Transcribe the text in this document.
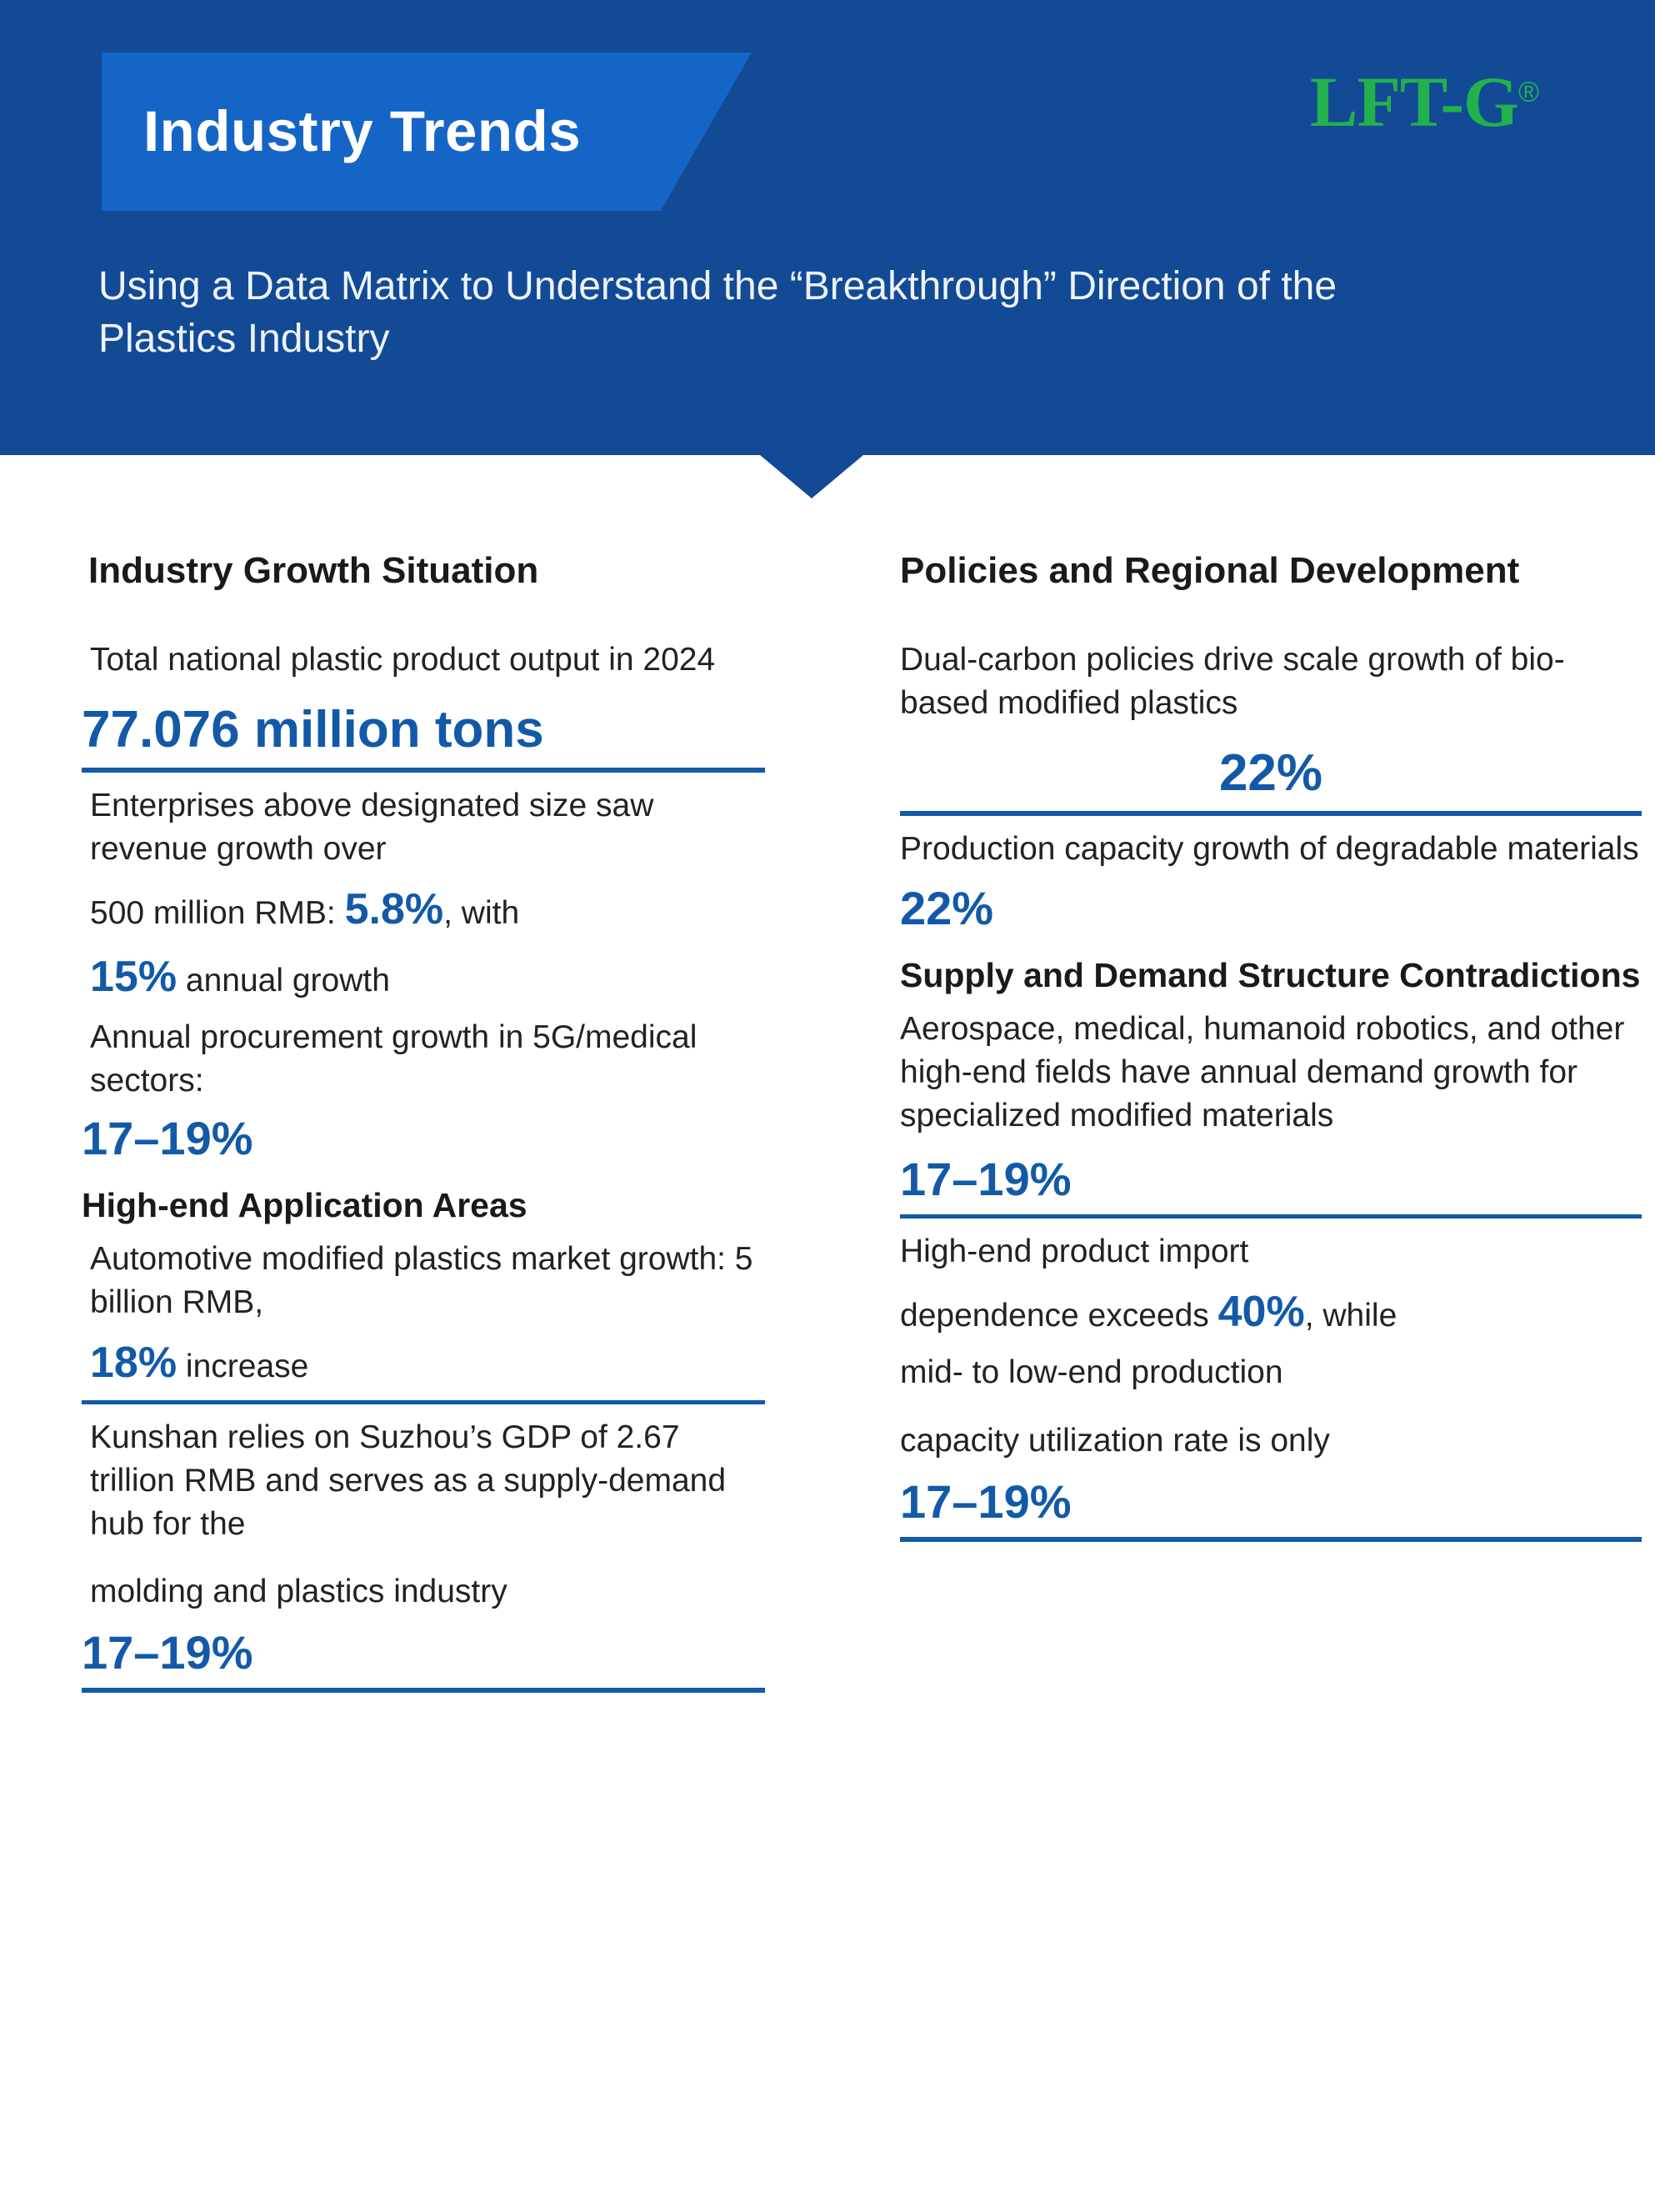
Industry Trends	LFT-G®
Using a Data Matrix to Understand the “Breakthrough” Direction of the Plastics Industry
Industry Growth Situation

Total national plastic product output in 2024

77.076 million tons

Enterprises above designated size saw revenue growth over

500 million RMB: 5.8%, with

15% annual growth

Annual procurement growth in 5G/medical sectors:

17–19%
High-end Application Areas

Automotive modified plastics market growth: 5 billion RMB,

18% increase

Kunshan relies on Suzhou’s GDP of 2.67 trillion RMB and serves as a supply-demand hub for the

molding and plastics industry

17–19%
Policies and Regional Development

Dual-carbon policies drive scale growth of bio-based modified plastics

22%

Production capacity growth of degradable materials

22%
Supply and Demand Structure Contradictions

Aerospace, medical, humanoid robotics, and other high-end fields have annual demand growth for specialized modified materials

17–19%

High-end product import

dependence exceeds 40%, while

mid- to low-end production

capacity utilization rate is only

17–19%
